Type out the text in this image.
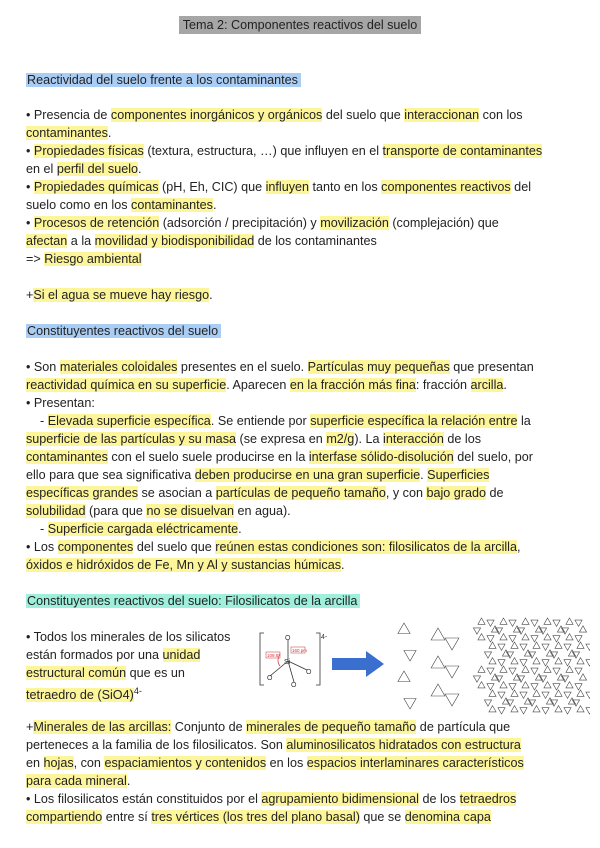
Tema 2: Componentes reactivos del suelo
Reactividad del suelo frente a los contaminantes
• Presencia de componentes inorgánicos y orgánicos del suelo que interaccionan con los
contaminantes.
• Propiedades físicas (textura, estructura, …) que influyen en el transporte de contaminantes
en el perfil del suelo.
• Propiedades químicas (pH, Eh, CIC) que influyen tanto en los componentes reactivos del
suelo como en los contaminantes.
• Procesos de retención (adsorción / precipitación) y movilización (complejación) que
afectan a la movilidad y biodisponibilidad de los contaminantes
=> Riesgo ambiental
+Si el agua se mueve hay riesgo.
Constituyentes reactivos del suelo
• Son materiales coloidales presentes en el suelo. Partículas muy pequeñas que presentan
reactividad química en su superficie. Aparecen en la fracción más fina: fracción arcilla.
• Presentan:
- Elevada superficie específica. Se entiende por superficie específica la relación entre la
superficie de las partículas y su masa (se expresa en m2/g). La interacción de los
contaminantes con el suelo suele producirse en la interfase sólido-disolución del suelo, por
ello para que sea significativa deben producirse en una gran superficie. Superficies
específicas grandes se asocian a partículas de pequeño tamaño, y con bajo grado de
solubilidad (para que no se disuelvan en agua).
- Superficie cargada eléctricamente.
• Los componentes del suelo que reúnen estas condiciones son: filosilicatos de la arcilla,
óxidos e hidróxidos de Fe, Mn y Al y sustancias húmicas.
Constituyentes reactivos del suelo: Filosilicatos de la arcilla
• Todos los minerales de los silicatos
están formados por una unidad
estructural común que es un
tetraedro de $(SiO4)^{4-}$
4-
109.5º
160 pm
Si
O
O
O
O
+Minerales de las arcillas: Conjunto de minerales de pequeño tamaño de partícula que
perteneces a la familia de los filosilicatos. Son aluminosilicatos hidratados con estructura
en hojas, con espaciamientos y contenidos en los espacios interlaminares característicos
para cada mineral.
• Los filosilicatos están constituidos por el agrupamiento bidimensional de los tetraedros
compartiendo entre sí tres vértices (los tres del plano basal) que se denomina capa
